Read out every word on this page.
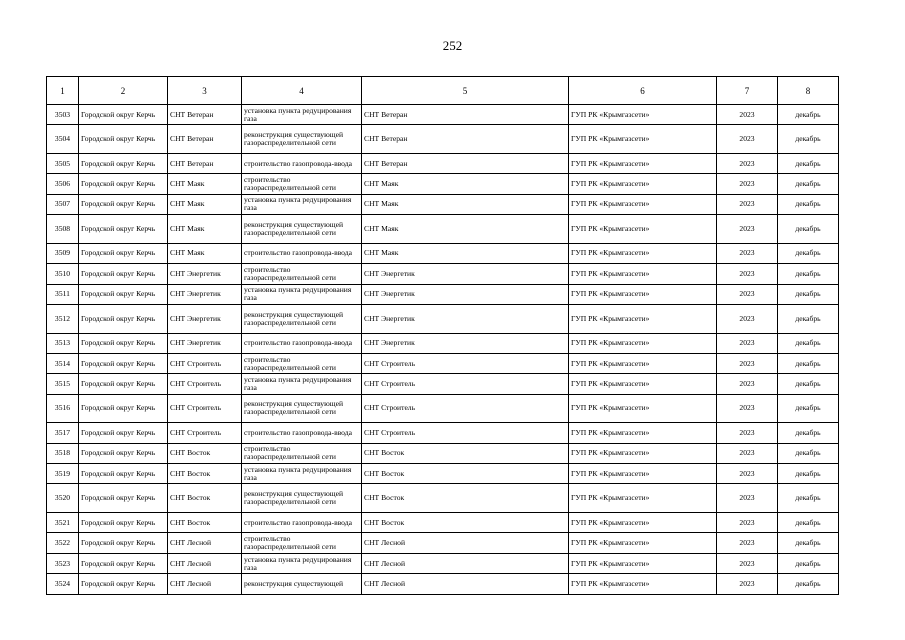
252
1	2	3	4	5	6	7	8
3503	Городской округ Керчь	СНТ Ветеран	установка пункта редуцирования газа	СНТ Ветеран	ГУП РК «Крымгазсети»	2023	декабрь
3504	Городской округ Керчь	СНТ Ветеран	реконструкция существующей газораспределительной сети	СНТ Ветеран	ГУП РК «Крымгазсети»	2023	декабрь
3505	Городской округ Керчь	СНТ Ветеран	строительство газопровода-ввода	СНТ Ветеран	ГУП РК «Крымгазсети»	2023	декабрь
3506	Городской округ Керчь	СНТ Маяк	строительство газораспределительной сети	СНТ Маяк	ГУП РК «Крымгазсети»	2023	декабрь
3507	Городской округ Керчь	СНТ Маяк	установка пункта редуцирования газа	СНТ Маяк	ГУП РК «Крымгазсети»	2023	декабрь
3508	Городской округ Керчь	СНТ Маяк	реконструкция существующей газораспределительной сети	СНТ Маяк	ГУП РК «Крымгазсети»	2023	декабрь
3509	Городской округ Керчь	СНТ Маяк	строительство газопровода-ввода	СНТ Маяк	ГУП РК «Крымгазсети»	2023	декабрь
3510	Городской округ Керчь	СНТ Энергетик	строительство газораспределительной сети	СНТ Энергетик	ГУП РК «Крымгазсети»	2023	декабрь
3511	Городской округ Керчь	СНТ Энергетик	установка пункта редуцирования газа	СНТ Энергетик	ГУП РК «Крымгазсети»	2023	декабрь
3512	Городской округ Керчь	СНТ Энергетик	реконструкция существующей газораспределительной сети	СНТ Энергетик	ГУП РК «Крымгазсети»	2023	декабрь
3513	Городской округ Керчь	СНТ Энергетик	строительство газопровода-ввода	СНТ Энергетик	ГУП РК «Крымгазсети»	2023	декабрь
3514	Городской округ Керчь	СНТ Строитель	строительство газораспределительной сети	СНТ Строитель	ГУП РК «Крымгазсети»	2023	декабрь
3515	Городской округ Керчь	СНТ Строитель	установка пункта редуцирования газа	СНТ Строитель	ГУП РК «Крымгазсети»	2023	декабрь
3516	Городской округ Керчь	СНТ Строитель	реконструкция существующей газораспределительной сети	СНТ Строитель	ГУП РК «Крымгазсети»	2023	декабрь
3517	Городской округ Керчь	СНТ Строитель	строительство газопровода-ввода	СНТ Строитель	ГУП РК «Крымгазсети»	2023	декабрь
3518	Городской округ Керчь	СНТ Восток	строительство газораспределительной сети	СНТ Восток	ГУП РК «Крымгазсети»	2023	декабрь
3519	Городской округ Керчь	СНТ Восток	установка пункта редуцирования газа	СНТ Восток	ГУП РК «Крымгазсети»	2023	декабрь
3520	Городской округ Керчь	СНТ Восток	реконструкция существующей газораспределительной сети	СНТ Восток	ГУП РК «Крымгазсети»	2023	декабрь
3521	Городской округ Керчь	СНТ Восток	строительство газопровода-ввода	СНТ Восток	ГУП РК «Крымгазсети»	2023	декабрь
3522	Городской округ Керчь	СНТ Лесной	строительство газораспределительной сети	СНТ Лесной	ГУП РК «Крымгазсети»	2023	декабрь
3523	Городской округ Керчь	СНТ Лесной	установка пункта редуцирования газа	СНТ Лесной	ГУП РК «Крымгазсети»	2023	декабрь
3524	Городской округ Керчь	СНТ Лесной	реконструкция существующей	СНТ Лесной	ГУП РК «Крымгазсети»	2023	декабрь
